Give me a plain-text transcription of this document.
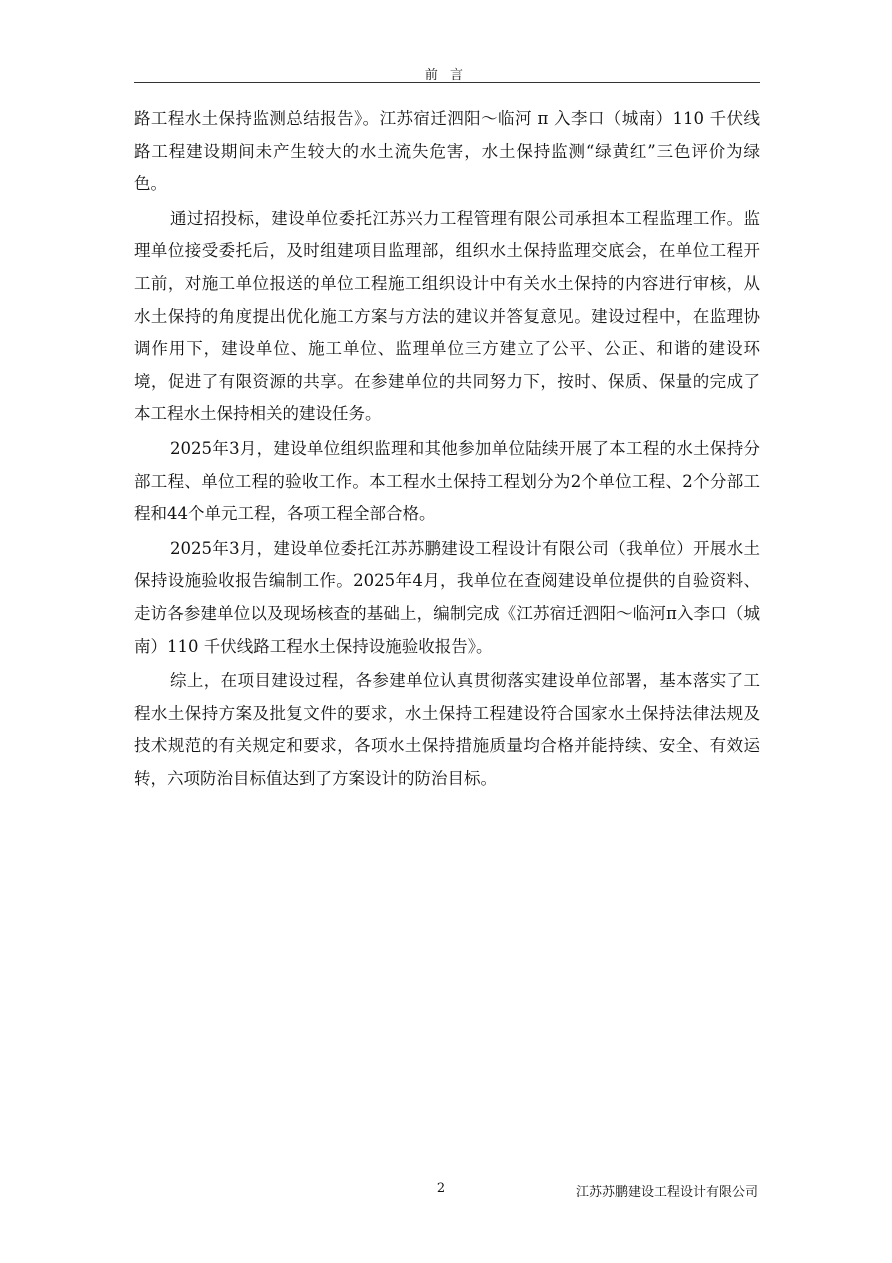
前 言

路工程水土保持监测总结报告》。江苏宿迁泗阳～临河 π 入李口（城南）110 千伏线路工程建设期间未产生较大的水土流失危害，水土保持监测“绿黄红”三色评价为绿色。

通过招投标，建设单位委托江苏兴力工程管理有限公司承担本工程监理工作。监理单位接受委托后，及时组建项目监理部，组织水土保持监理交底会，在单位工程开工前，对施工单位报送的单位工程施工组织设计中有关水土保持的内容进行审核，从水土保持的角度提出优化施工方案与方法的建议并答复意见。建设过程中，在监理协调作用下，建设单位、施工单位、监理单位三方建立了公平、公正、和谐的建设环境，促进了有限资源的共享。在参建单位的共同努力下，按时、保质、保量的完成了本工程水土保持相关的建设任务。

2025年3月，建设单位组织监理和其他参加单位陆续开展了本工程的水土保持分部工程、单位工程的验收工作。本工程水土保持工程划分为2个单位工程、2个分部工程和44个单元工程，各项工程全部合格。

2025年3月，建设单位委托江苏苏鹏建设工程设计有限公司（我单位）开展水土保持设施验收报告编制工作。2025年4月，我单位在查阅建设单位提供的自验资料、走访各参建单位以及现场核查的基础上，编制完成《江苏宿迁泗阳～临河π入李口（城南）110 千伏线路工程水土保持设施验收报告》。

综上，在项目建设过程，各参建单位认真贯彻落实建设单位部署，基本落实了工程水土保持方案及批复文件的要求，水土保持工程建设符合国家水土保持法律法规及技术规范的有关规定和要求，各项水土保持措施质量均合格并能持续、安全、有效运转，六项防治目标值达到了方案设计的防治目标。

2	江苏苏鹏建设工程设计有限公司
